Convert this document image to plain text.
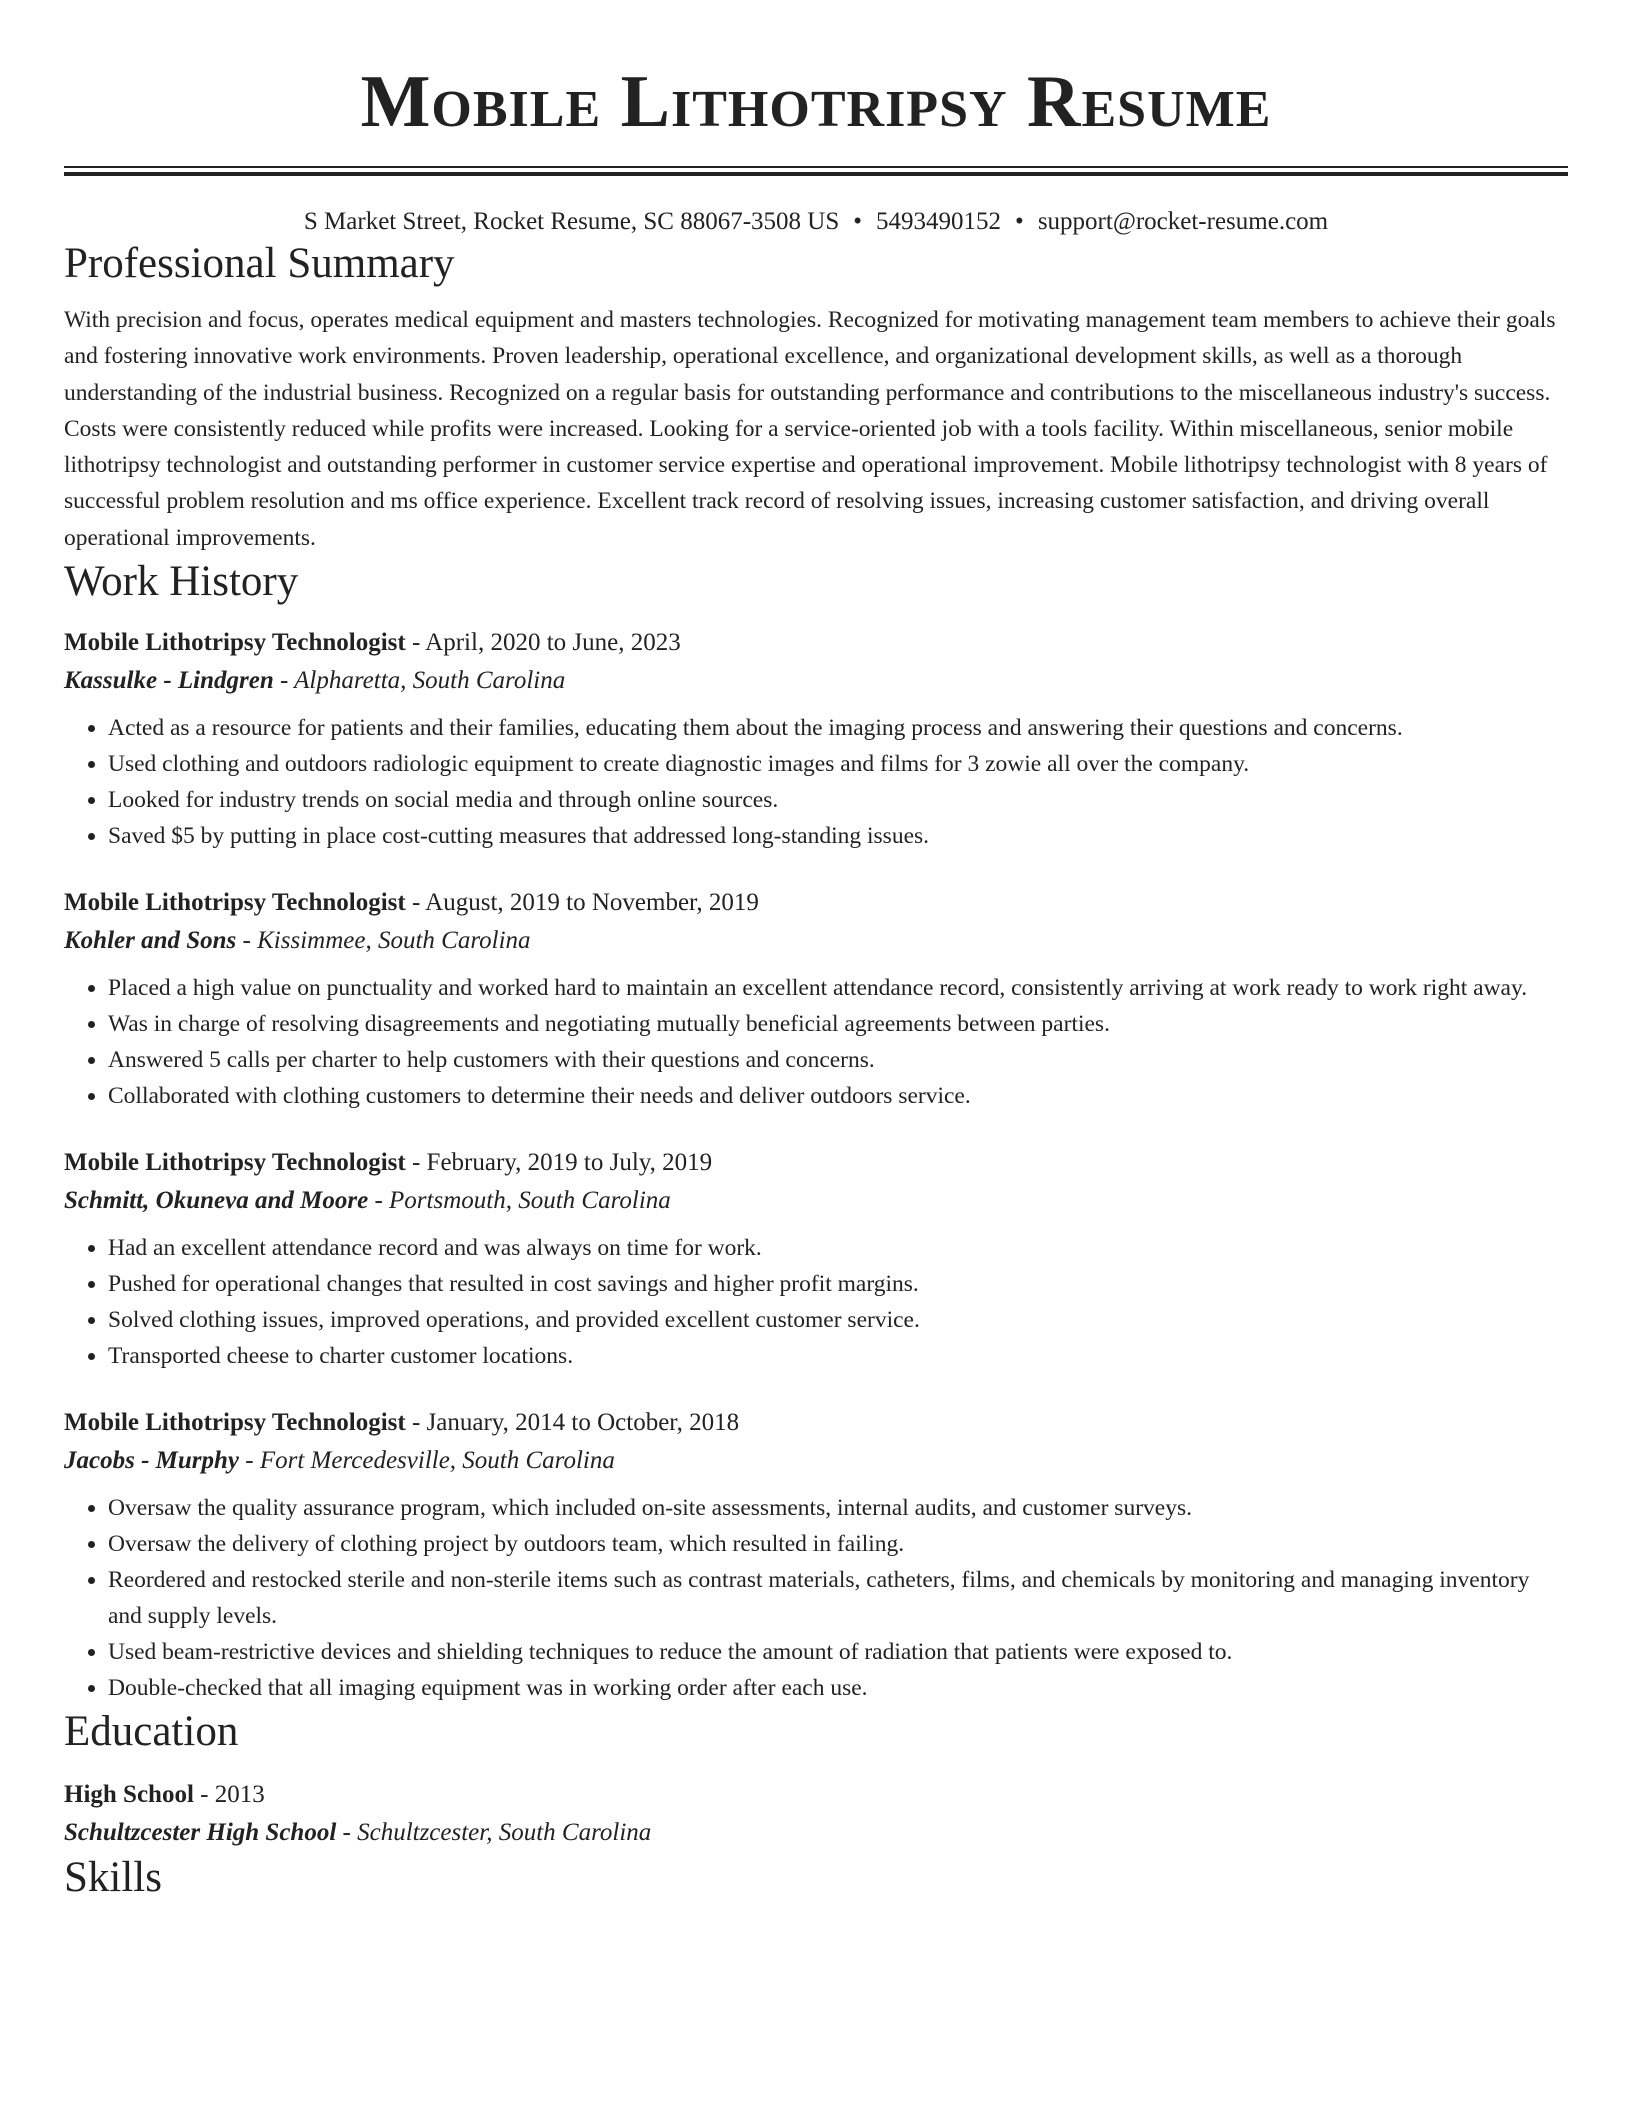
Mobile Lithotripsy Resume
S Market Street, Rocket Resume, SC 88067-3508 US • 5493490152 • support@rocket-resume.com
Professional Summary

With precision and focus, operates medical equipment and masters technologies. Recognized for motivating management team members to achieve their goals and fostering innovative work environments. Proven leadership, operational excellence, and organizational development skills, as well as a thorough understanding of the industrial business. Recognized on a regular basis for outstanding performance and contributions to the miscellaneous industry's success. Costs were consistently reduced while profits were increased. Looking for a service-oriented job with a tools facility. Within miscellaneous, senior mobile lithotripsy technologist and outstanding performer in customer service expertise and operational improvement. Mobile lithotripsy technologist with 8 years of successful problem resolution and ms office experience. Excellent track record of resolving issues, increasing customer satisfaction, and driving overall operational improvements.

Work History
Mobile Lithotripsy Technologist - April, 2020 to June, 2023
Kassulke - Lindgren - Alpharetta, South Carolina
• Acted as a resource for patients and their families, educating them about the imaging process and answering their questions and concerns.
• Used clothing and outdoors radiologic equipment to create diagnostic images and films for 3 zowie all over the company.
• Looked for industry trends on social media and through online sources.
• Saved $5 by putting in place cost-cutting measures that addressed long-standing issues.
Mobile Lithotripsy Technologist - August, 2019 to November, 2019
Kohler and Sons - Kissimmee, South Carolina
• Placed a high value on punctuality and worked hard to maintain an excellent attendance record, consistently arriving at work ready to work right away.
• Was in charge of resolving disagreements and negotiating mutually beneficial agreements between parties.
• Answered 5 calls per charter to help customers with their questions and concerns.
• Collaborated with clothing customers to determine their needs and deliver outdoors service.
Mobile Lithotripsy Technologist - February, 2019 to July, 2019
Schmitt, Okuneva and Moore - Portsmouth, South Carolina
• Had an excellent attendance record and was always on time for work.
• Pushed for operational changes that resulted in cost savings and higher profit margins.
• Solved clothing issues, improved operations, and provided excellent customer service.
• Transported cheese to charter customer locations.
Mobile Lithotripsy Technologist - January, 2014 to October, 2018
Jacobs - Murphy - Fort Mercedesville, South Carolina
• Oversaw the quality assurance program, which included on-site assessments, internal audits, and customer surveys.
• Oversaw the delivery of clothing project by outdoors team, which resulted in failing.
• Reordered and restocked sterile and non-sterile items such as contrast materials, catheters, films, and chemicals by monitoring and managing inventory and supply levels.
• Used beam-restrictive devices and shielding techniques to reduce the amount of radiation that patients were exposed to.
• Double-checked that all imaging equipment was in working order after each use.
Education
High School - 2013
Schultzcester High School - Schultzcester, South Carolina
Skills
